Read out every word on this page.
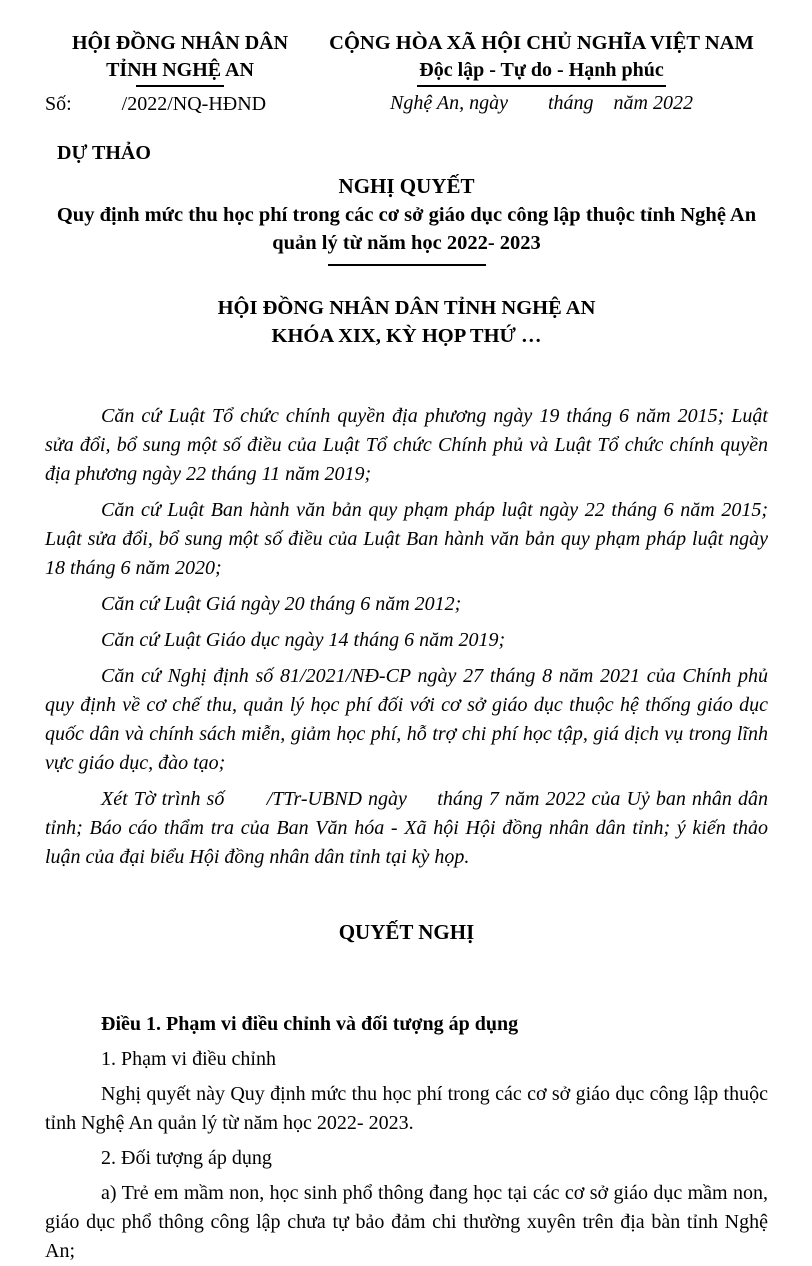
HỘI ĐỒNG NHÂN DÂN
TỈNH NGHỆ AN
Số:          /2022/NQ-HĐND
CỘNG HÒA XÃ HỘI CHỦ NGHĨA VIỆT NAM
Độc lập - Tự do - Hạnh phúc
Nghệ An, ngày        tháng    năm 2022
DỰ THẢO
NGHỊ QUYẾT
Quy định mức thu học phí trong các cơ sở giáo dục công lập thuộc tỉnh Nghệ An quản lý từ năm học 2022- 2023
HỘI ĐỒNG NHÂN DÂN TỈNH NGHỆ AN
KHÓA XIX, KỲ HỌP THỨ …

Căn cứ Luật Tổ chức chính quyền địa phương ngày 19 tháng 6 năm 2015; Luật sửa đổi, bổ sung một số điều của Luật Tổ chức Chính phủ và Luật Tổ chức chính quyền địa phương ngày 22 tháng 11 năm 2019;

Căn cứ Luật Ban hành văn bản quy phạm pháp luật ngày 22 tháng 6 năm 2015; Luật sửa đổi, bổ sung một số điều của Luật Ban hành văn bản quy phạm pháp luật ngày 18 tháng 6 năm 2020;

Căn cứ Luật Giá ngày 20 tháng 6 năm 2012;

Căn cứ Luật Giáo dục ngày 14 tháng 6 năm 2019;

Căn cứ Nghị định số 81/2021/NĐ-CP ngày 27 tháng 8 năm 2021 của Chính phủ quy định về cơ chế thu, quản lý học phí đối với cơ sở giáo dục thuộc hệ thống giáo dục quốc dân và chính sách miễn, giảm học phí, hỗ trợ chi phí học tập, giá dịch vụ trong lĩnh vực giáo dục, đào tạo;

Xét Tờ trình số       /TTr-UBND ngày     tháng 7 năm 2022 của Uỷ ban nhân dân tỉnh; Báo cáo thẩm tra của Ban Văn hóa - Xã hội Hội đồng nhân dân tỉnh; ý kiến thảo luận của đại biểu Hội đồng nhân dân tỉnh tại kỳ họp.

QUYẾT NGHỊ
Điều 1. Phạm vi điều chỉnh và đối tượng áp dụng

1. Phạm vi điều chỉnh

Nghị quyết này Quy định mức thu học phí trong các cơ sở giáo dục công lập thuộc tỉnh Nghệ An quản lý từ năm học 2022- 2023.

2. Đối tượng áp dụng

a) Trẻ em mầm non, học sinh phổ thông đang học tại các cơ sở giáo dục mầm non, giáo dục phổ thông công lập chưa tự bảo đảm chi thường xuyên trên địa bàn tỉnh Nghệ An;
